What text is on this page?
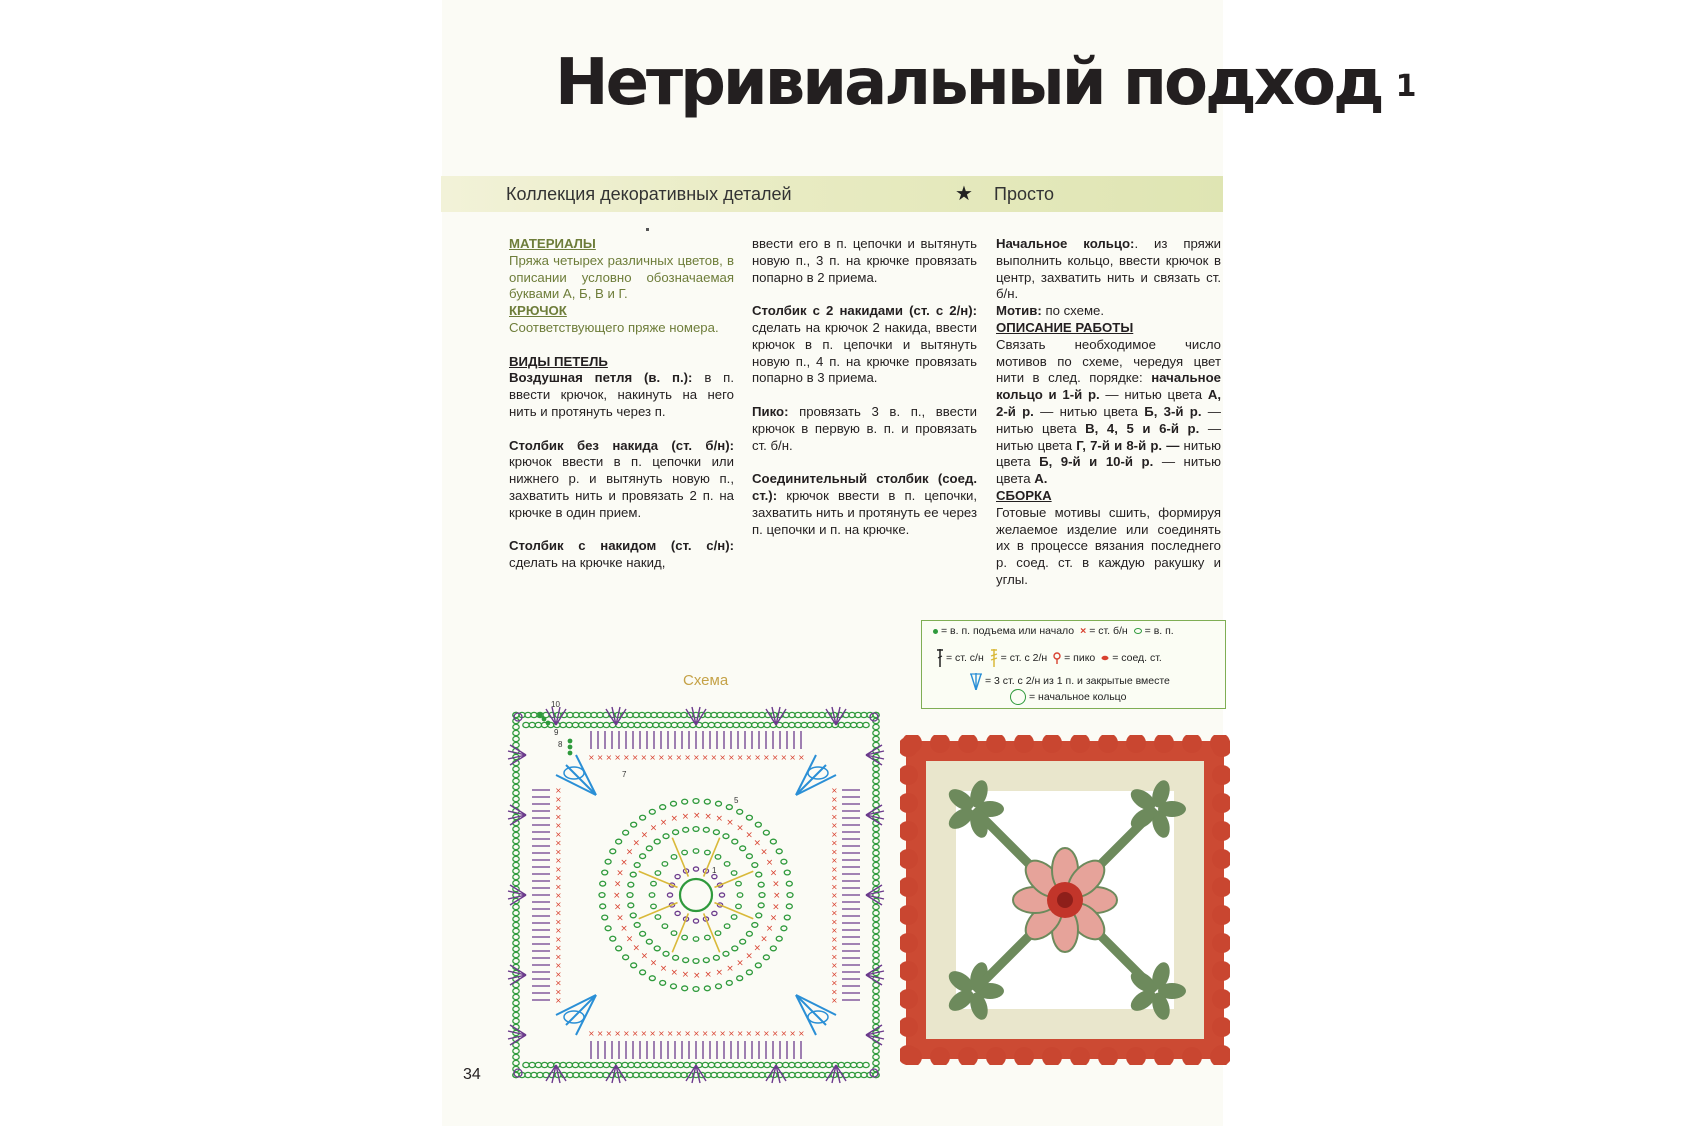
Нетривиальный подход 1
Коллекция декоративных деталей	★ Просто

МАТЕРИАЛЫ

Пряжа четырех различных цветов, в описании условно обозначаемая буквами А, Б, В и Г.

КРЮЧОК

Соответствующего пряже номера.

ВИДЫ ПЕТЕЛЬ

Воздушная петля (в. п.): в п. ввести крючок, накинуть на него нить и протянуть через п.

Столбик без накида (ст. б/н): крючок ввести в п. цепочки или нижнего р. и вытянуть новую п., захватить нить и провязать 2 п. на крючке в один прием.

Столбик с накидом (ст. с/н): сделать на крючке накид,

ввести его в п. цепочки и вытянуть новую п., 3 п. на крючке провязать попарно в 2 приема.

Столбик с 2 накидами (ст. с 2/н): сделать на крючок 2 накида, ввести крючок в п. цепочки и вытянуть новую п., 4 п. на крючке провязать попарно в 3 приема.

Пико: провязать 3 в. п., ввести крючок в первую в. п. и провязать ст. б/н.

Соединительный столбик (соед. ст.): крючок ввести в п. цепочки, захватить нить и протянуть ее через п. цепочки и п. на крючке.

Начальное кольцо:. из пряжи выполнить кольцо, ввести крючок в центр, захватить нить и связать ст. б/н.

Мотив: по схеме.

ОПИСАНИЕ РАБОТЫ

Связать необходимое число мотивов по схеме, чередуя цвет нити в след. порядке: начальное кольцо и 1-й р. — нитью цвета А, 2-й р. — нитью цвета Б, 3-й р. — нитью цвета В, 4, 5 и 6-й р. — нитью цвета Г, 7-й и 8-й р. — нитью цвета Б, 9-й и 10-й р. — нитью цвета А.

СБОРКА

Готовые мотивы сшить, формируя желаемое изделие или соединять их в процессе вязания последнего р. соед. ст. в каждую ракушку и углы.

= в. п. подъема или начало × = ст. б/н = в. п.
= ст. с/н = ст. с 2/н = пико = соед. ст.
= 3 ст. с 2/н из 1 п. и закрытые вместе
= начальное кольцо
Схема
×
×
×
×
×
×
×
×
×
×
×
×
×
×
×
×
×
×
×
×
×
×
×
×
×
×
×
×
×
×
× × × × × × ×
×
×
×
×
×
×
×
× × × × × × × × × × × × × × × × × × × × × × × × ×
× × × × × × × × × × × × × × × × × × × × × × × × ×
×
×
×
×
×
×
×
×
×
×
×
×
×
×
×
×
×
×
×
×
×
×
×
×
×
×
×
×
×
×
×
×
×
×
×
×
×
×
×
×
×
×
×
×
×
×
×
×
×
×
10
9
8
7
5
1
34
